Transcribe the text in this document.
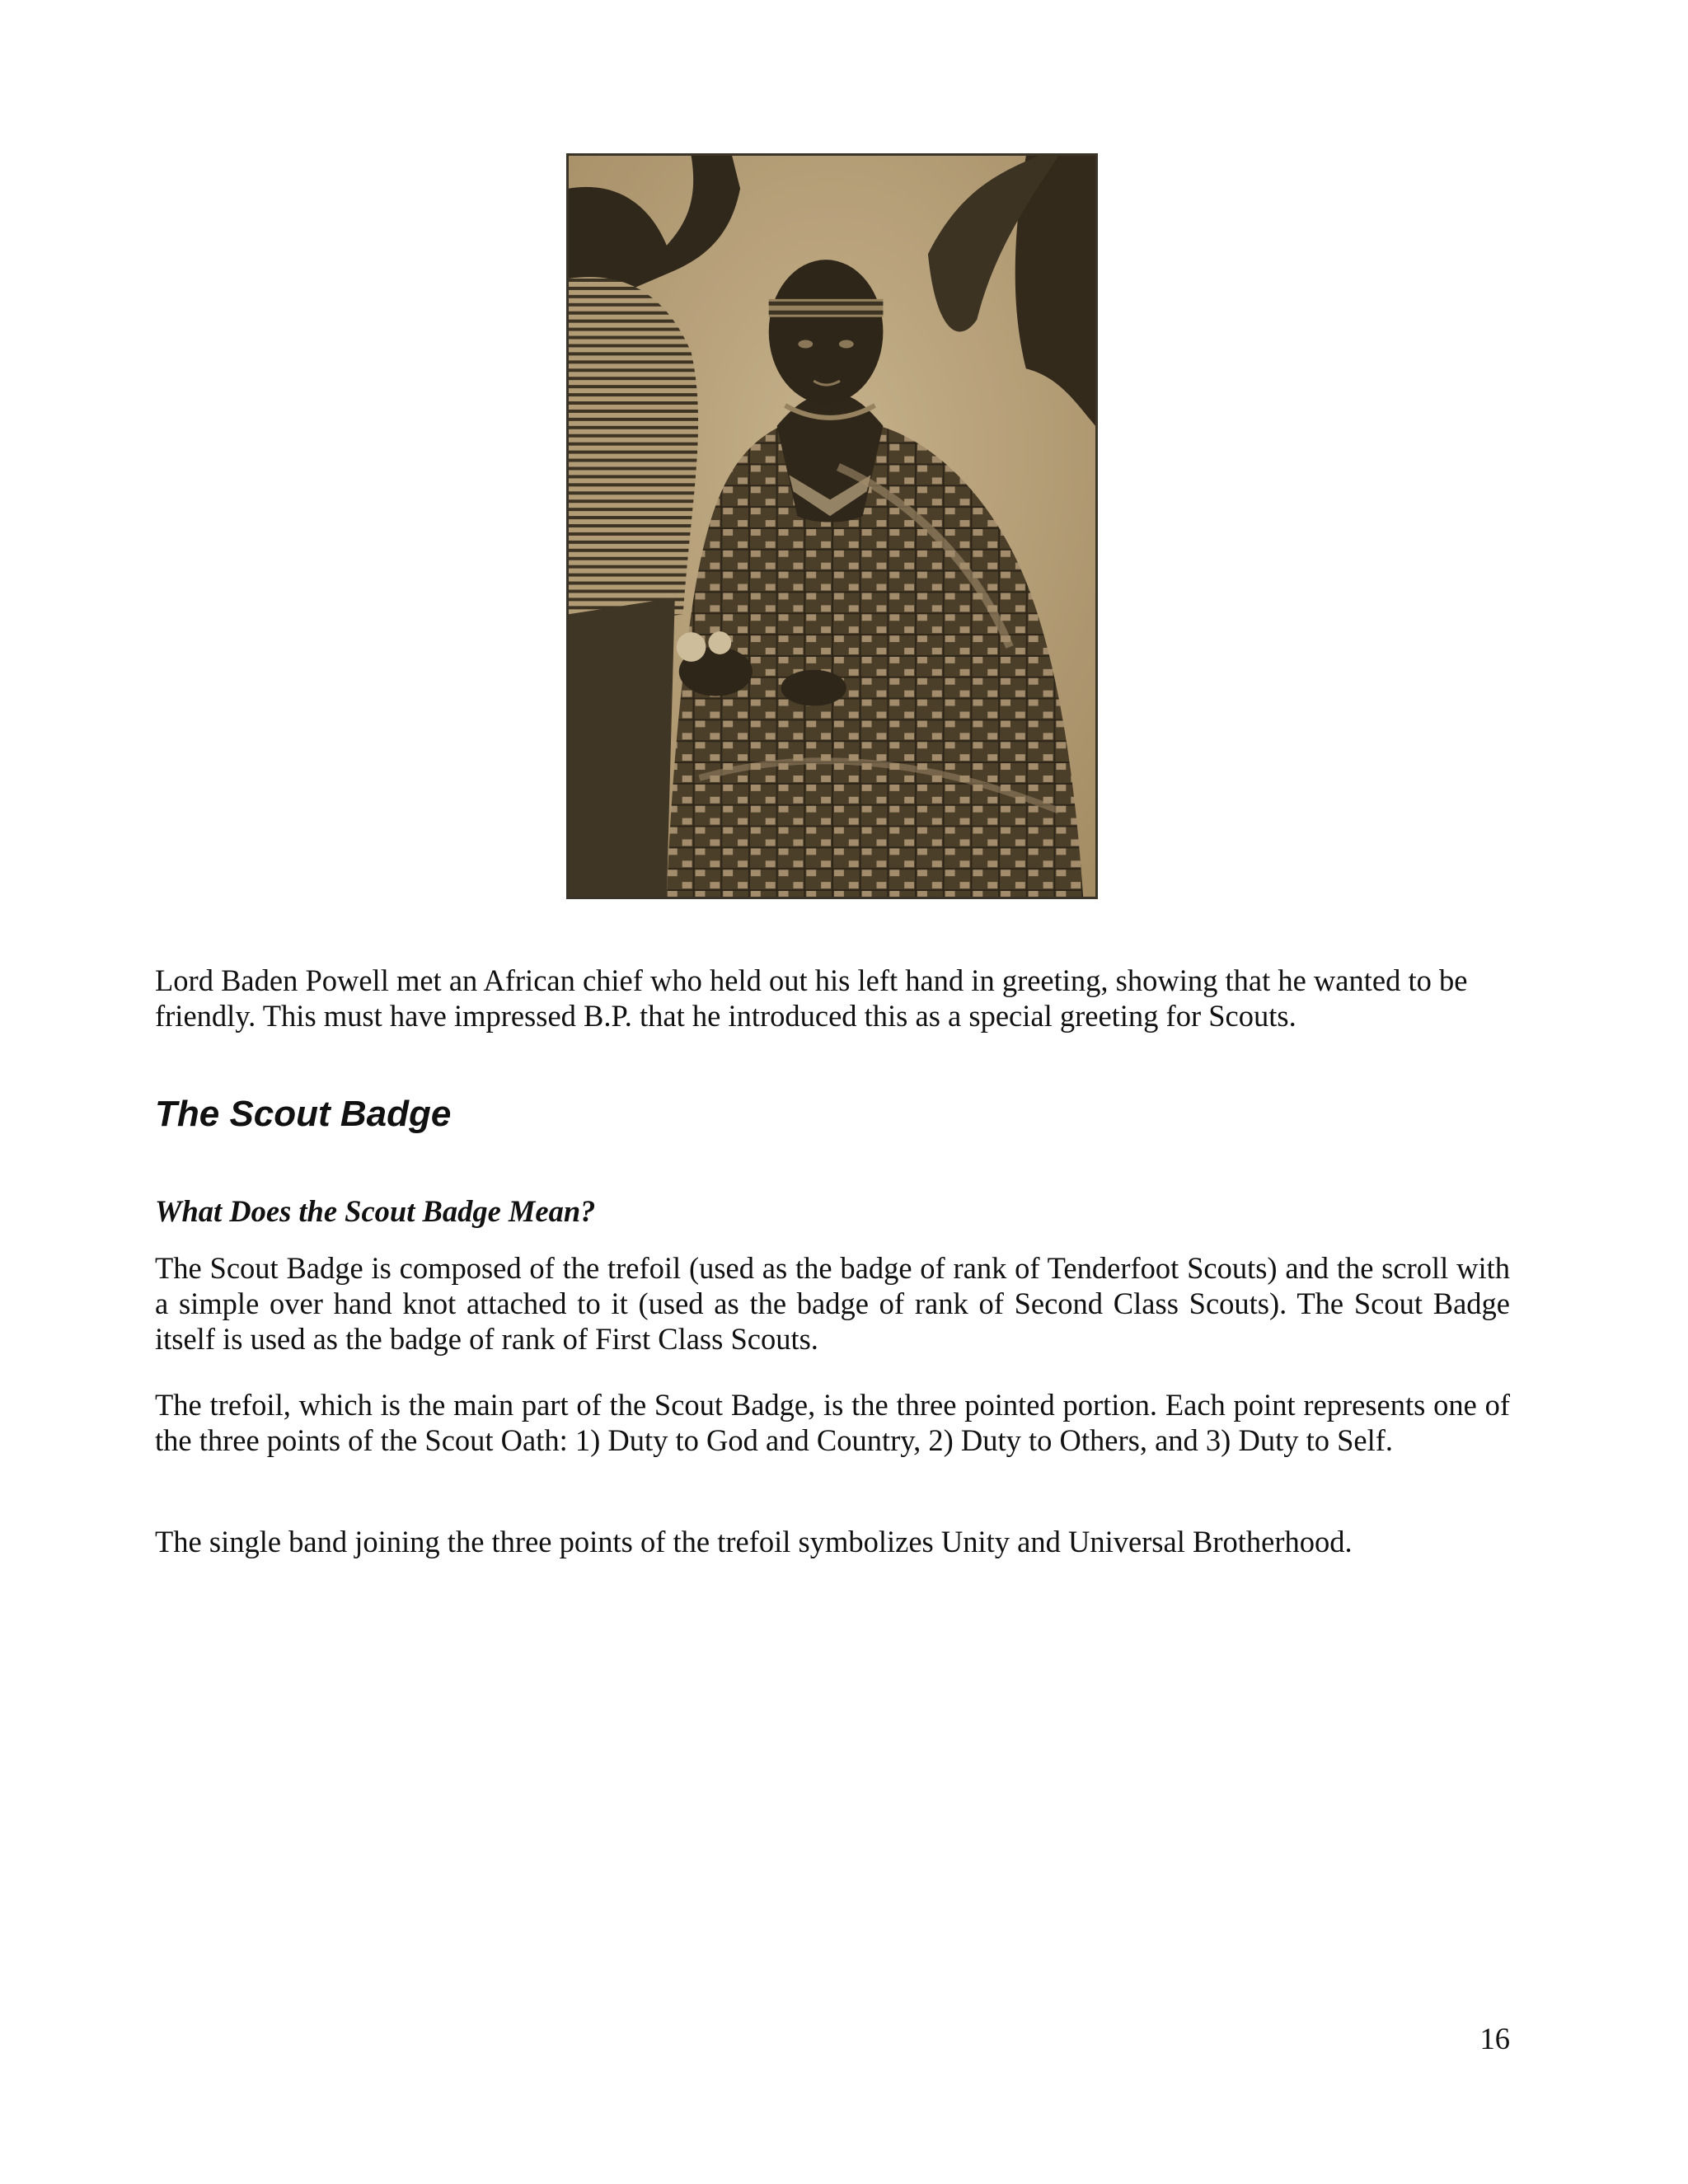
Lord Baden Powell met an African chief who held out his left hand in greeting, showing that he wanted to be friendly. This must have impressed B.P. that he introduced this as a special greeting for Scouts.

The Scout Badge
What Does the Scout Badge Mean?

The Scout Badge is composed of the trefoil (used as the badge of rank of Tenderfoot Scouts) and the scroll with a simple over hand knot attached to it (used as the badge of rank of Second Class Scouts). The Scout Badge itself is used as the badge of rank of First Class Scouts.

The trefoil, which is the main part of the Scout Badge, is the three pointed portion. Each point represents one of the three points of the Scout Oath: 1) Duty to God and Country, 2) Duty to Others, and 3) Duty to Self.

The single band joining the three points of the trefoil symbolizes Unity and Universal Brotherhood.

16
